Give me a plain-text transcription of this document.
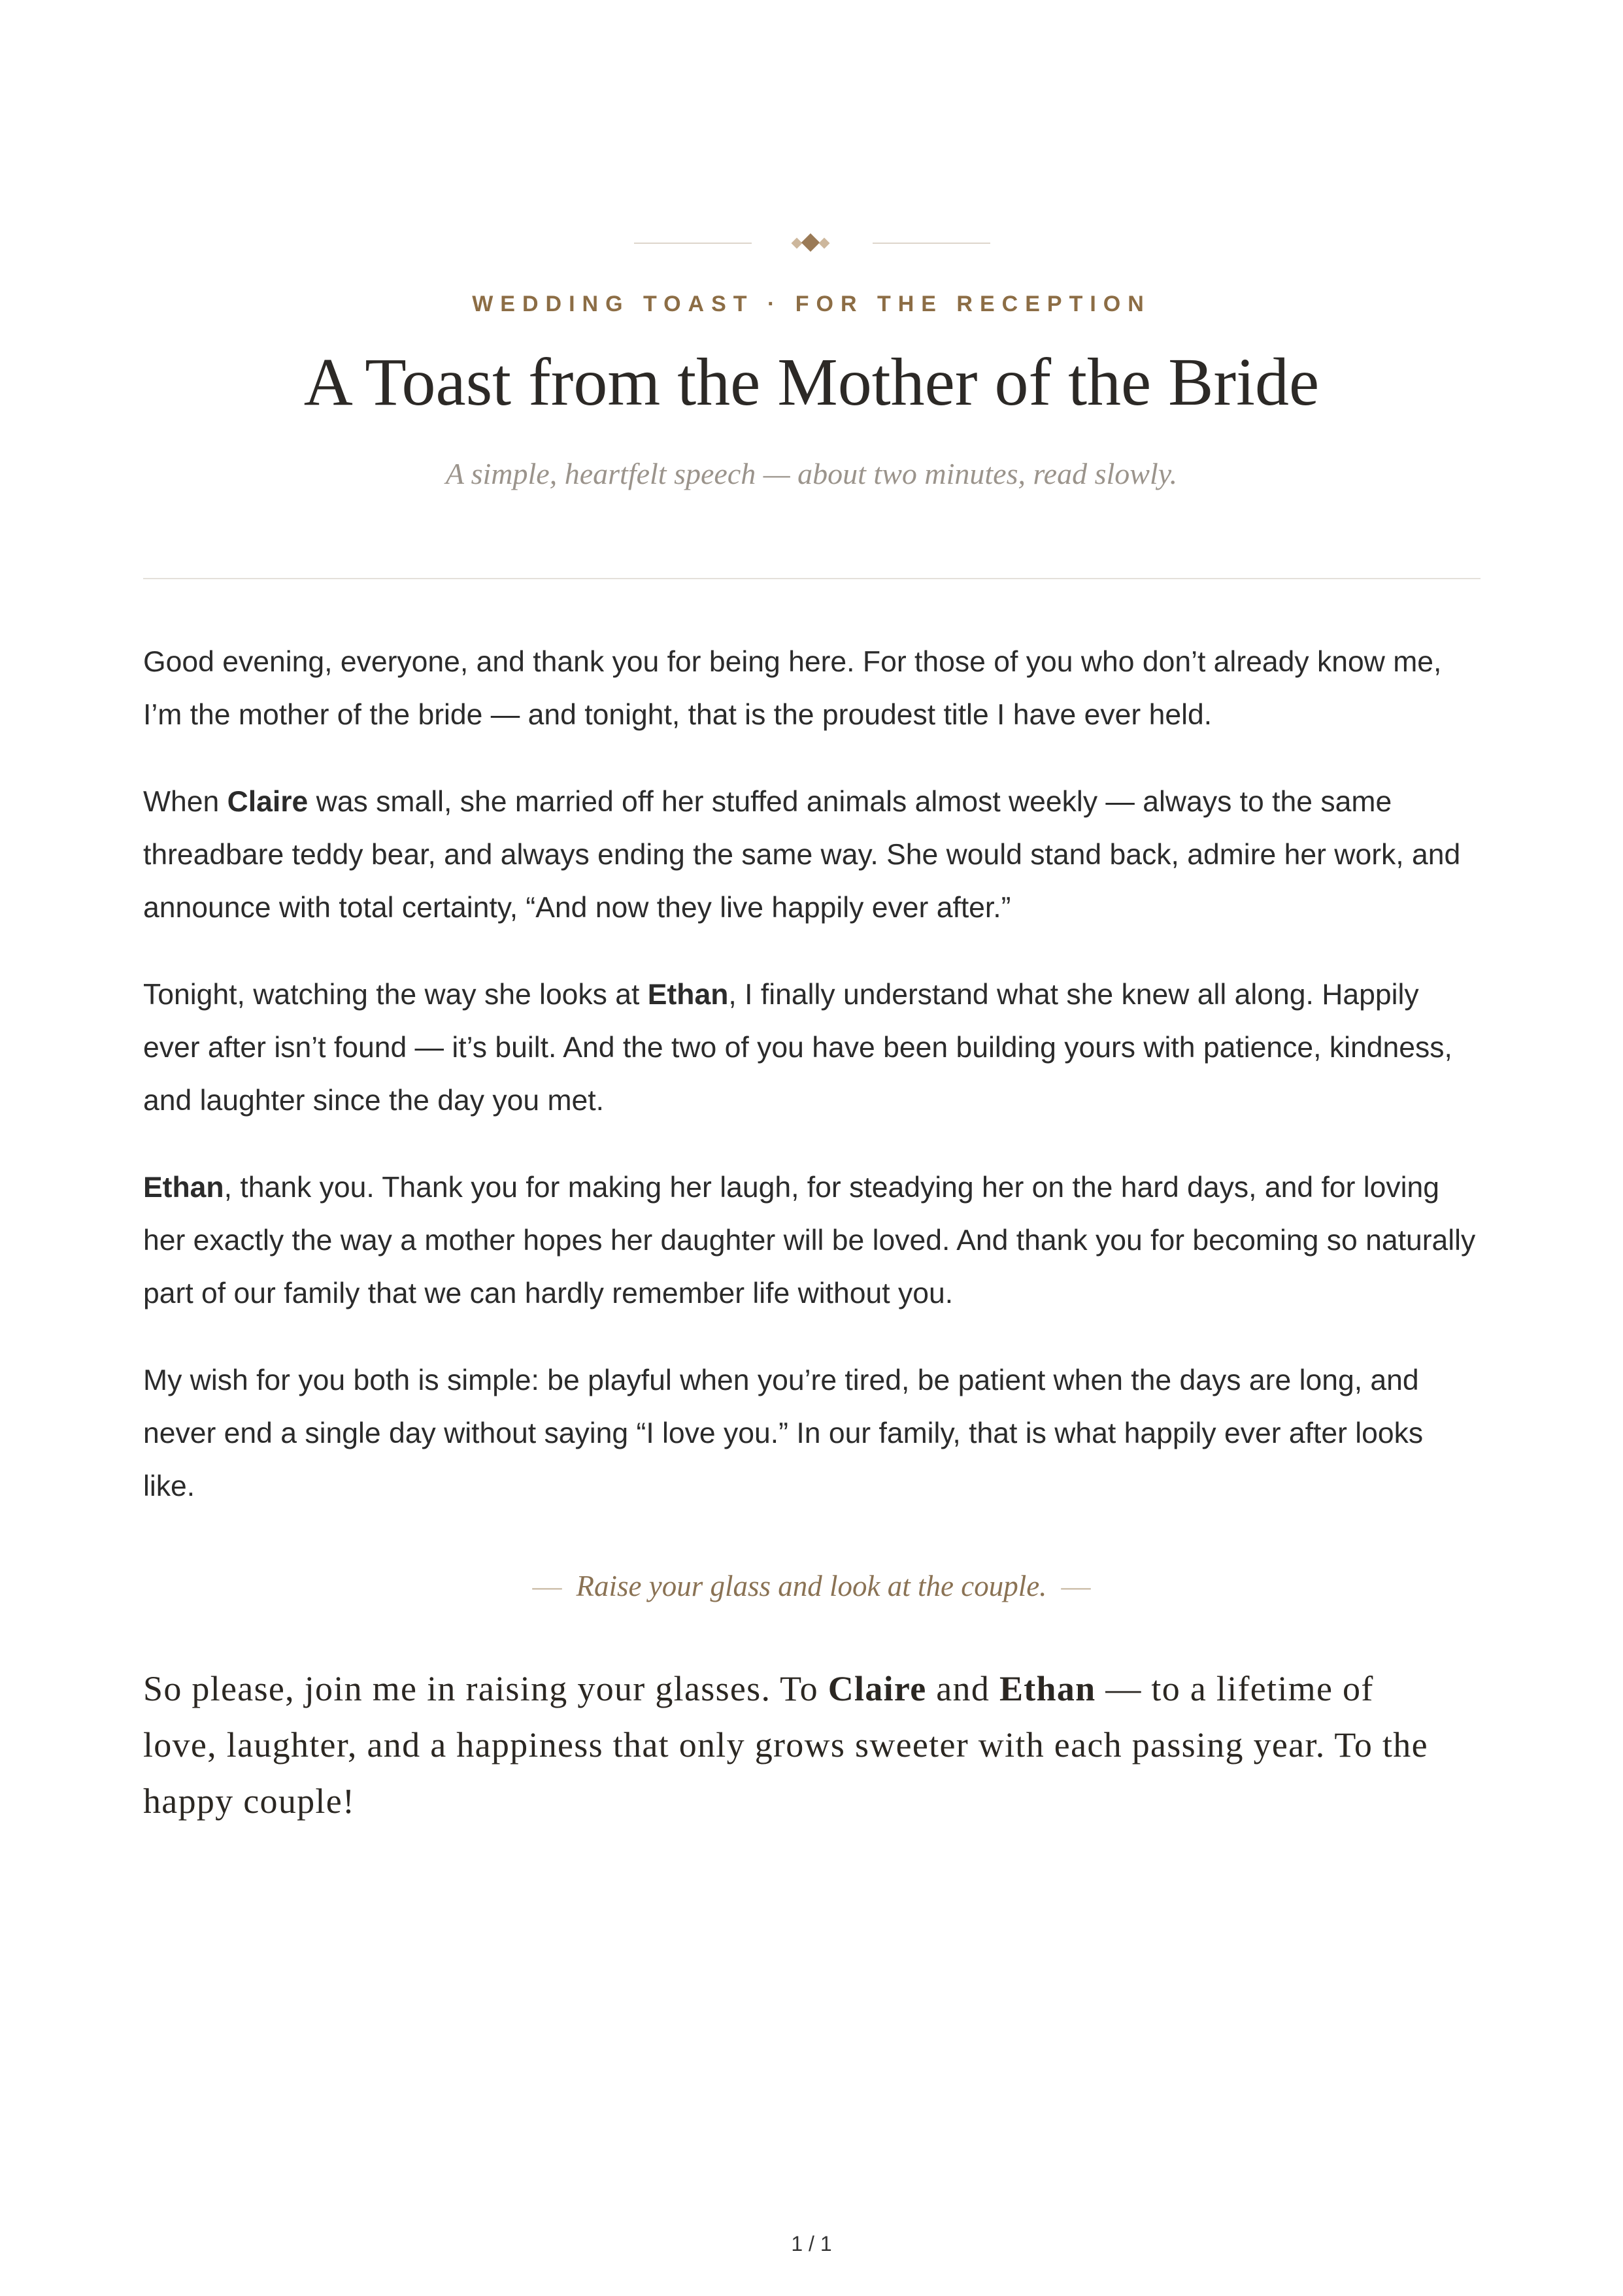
WEDDING TOAST · FOR THE RECEPTION
A Toast from the Mother of the Bride
A simple, heartfelt speech — about two minutes, read slowly.

Good evening, everyone, and thank you for being here. For those of you who don’t already know me, I’m the mother of the bride — and tonight, that is the proudest title I have ever held.

When Claire was small, she married off her stuffed animals almost weekly — always to the same threadbare teddy bear, and always ending the same way. She would stand back, admire her work, and announce with total certainty, “And now they live happily ever after.”

Tonight, watching the way she looks at Ethan, I finally understand what she knew all along. Happily ever after isn’t found — it’s built. And the two of you have been building yours with patience, kindness, and laughter since the day you met.

Ethan, thank you. Thank you for making her laugh, for steadying her on the hard days, and for loving her exactly the way a mother hopes her daughter will be loved. And thank you for becoming so naturally part of our family that we can hardly remember life without you.

My wish for you both is simple: be playful when you’re tired, be patient when the days are long, and never end a single day without saying “I love you.” In our family, that is what happily ever after looks like.

— Raise your glass and look at the couple. —
So please, join me in raising your glasses. To Claire and Ethan — to a lifetime of love, laughter, and a happiness that only grows sweeter with each passing year. To the happy couple!
1 / 1
